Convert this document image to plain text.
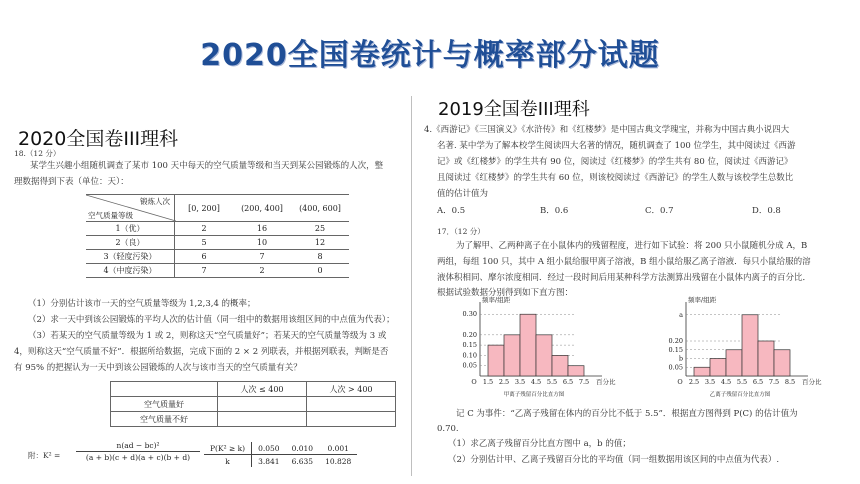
2020全国卷统计与概率部分试题
2020全国卷III理科
18.（12 分）
某学生兴趣小组随机调查了某市 100 天中每天的空气质量等级和当天到某公园锻炼的人次，整
理数据得到下表（单位：天）：
锻炼人次
空气质量等级	[0, 200]	(200, 400]	(400, 600]
1（优）	2	16	25
2（良）	5	10	12
3（轻度污染）	6	7	8
4（中度污染）	7	2	0
（1）分别估计该市一天的空气质量等级为 1,2,3,4 的概率；
（2）求一天中到该公园锻炼的平均人次的估计值（同一组中的数据用该组区间的中点值为代表）；
（3）若某天的空气质量等级为 1 或 2，则称这天“空气质量好”；若某天的空气质量等级为 3 或
4，则称这天“空气质量不好”．根据所给数据，完成下面的 2 × 2 列联表，并根据列联表，判断是否
有 95% 的把握认为一天中到该公园锻炼的人次与该市当天的空气质量有关？
	人次 ≤ 400	人次 > 400
空气质量好		
空气质量不好		
附：$K^2 = \frac{\text{n(ad − bc)²}}{(a + b)(c + d)(a + c)(b + d)} P(K^2 \ge k)$	0.050	0.010	0.001
k	3.841	6.635	10.828
2019全国卷III理科
4.《西游记》《三国演义》《水浒传》和《红楼梦》是中国古典文学瑰宝，并称为中国古典小说四大
名著. 某中学为了解本校学生阅读四大名著的情况，随机调查了 100 位学生，其中阅读过《西游
记》或《红楼梦》的学生共有 90 位，阅读过《红楼梦》的学生共有 80 位，阅读过《西游记》
且阅读过《红楼梦》的学生共有 60 位，则该校阅读过《西游记》的学生人数与该校学生总数比
值的估计值为
A．0.5	B．0.6	C．0.7	D．0.8
17．（12 分）
为了解甲、乙两种离子在小鼠体内的残留程度，进行如下试验：将 200 只小鼠随机分成 A，B
两组，每组 100 只，其中 A 组小鼠给服甲离子溶液，B 组小鼠给服乙离子溶液．每只小鼠给服的溶
液体积相同、摩尔浓度相同．经过一段时间后用某种科学方法测算出残留在小鼠体内离子的百分比．
根据试验数据分别得到如下直方图：
频率/组距
0.05
0.10
0.15
0.20
0.30
1.5 2.5 3.5 4.5 5.5 6.5 7.5 百分比
甲离子残留百分比直方图
O
频率/组距
0.05
b
0.15
0.20
a
2.5 3.5 4.5 5.5 6.5 7.5 8.5 百分比
乙离子残留百分比直方图
O
记 C 为事件：“乙离子残留在体内的百分比不低于 5.5”．根据直方图得到 P(C) 的估计值为
0.70.
（1）求乙离子残留百分比直方图中 a，b 的值；
（2）分别估计甲、乙离子残留百分比的平均值（同一组数据用该区间的中点值为代表）.
